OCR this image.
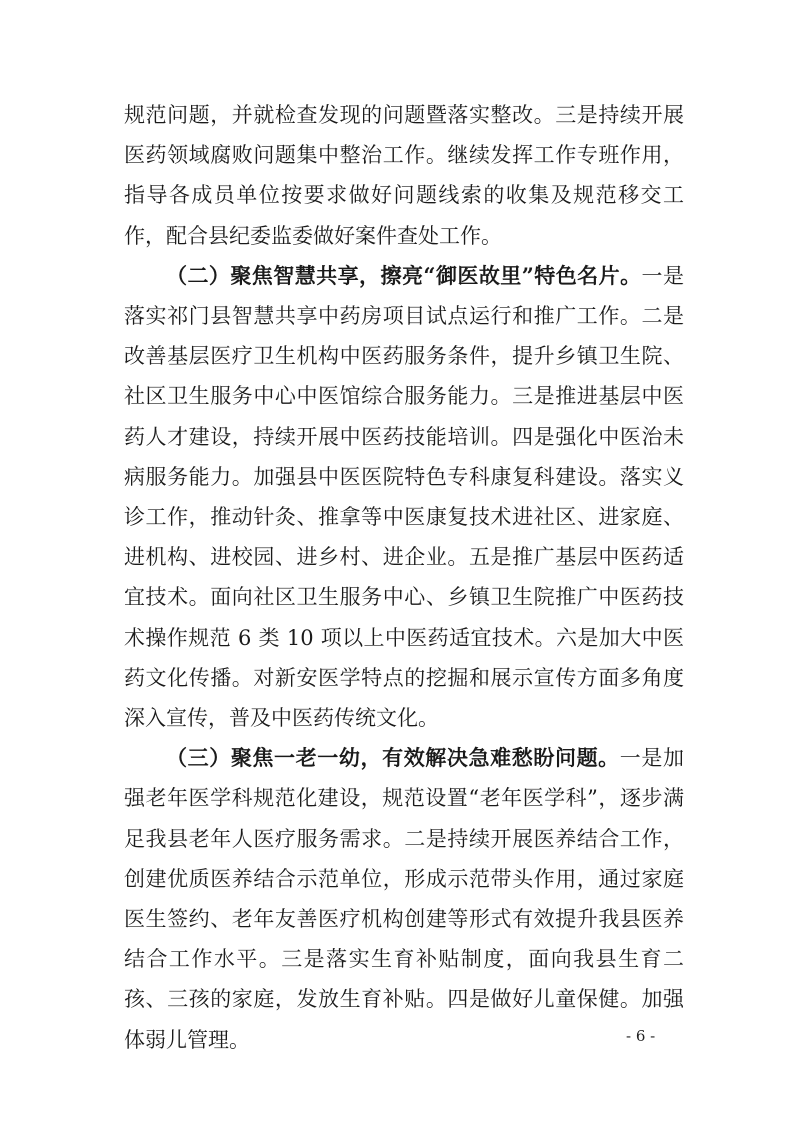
规范问题，并就检查发现的问题暨落实整改。三是持续开展医药领域腐败问题集中整治工作。继续发挥工作专班作用，指导各成员单位按要求做好问题线索的收集及规范移交工作，配合县纪委监委做好案件查处工作。

（二）聚焦智慧共享，擦亮“御医故里”特色名片。一是落实祁门县智慧共享中药房项目试点运行和推广工作。二是改善基层医疗卫生机构中医药服务条件，提升乡镇卫生院、社区卫生服务中心中医馆综合服务能力。三是推进基层中医药人才建设，持续开展中医药技能培训。四是强化中医治未病服务能力。加强县中医医院特色专科康复科建设。落实义诊工作，推动针灸、推拿等中医康复技术进社区、进家庭、进机构、进校园、进乡村、进企业。五是推广基层中医药适宜技术。面向社区卫生服务中心、乡镇卫生院推广中医药技术操作规范 6 类 10 项以上中医药适宜技术。六是加大中医药文化传播。对新安医学特点的挖掘和展示宣传方面多角度深入宣传，普及中医药传统文化。

（三）聚焦一老一幼，有效解决急难愁盼问题。一是加强老年医学科规范化建设，规范设置“老年医学科”，逐步满足我县老年人医疗服务需求。二是持续开展医养结合工作，创建优质医养结合示范单位，形成示范带头作用，通过家庭医生签约、老年友善医疗机构创建等形式有效提升我县医养结合工作水平。三是落实生育补贴制度，面向我县生育二孩、三孩的家庭，发放生育补贴。四是做好儿童保健。加强体弱儿管理。	- 6 -
